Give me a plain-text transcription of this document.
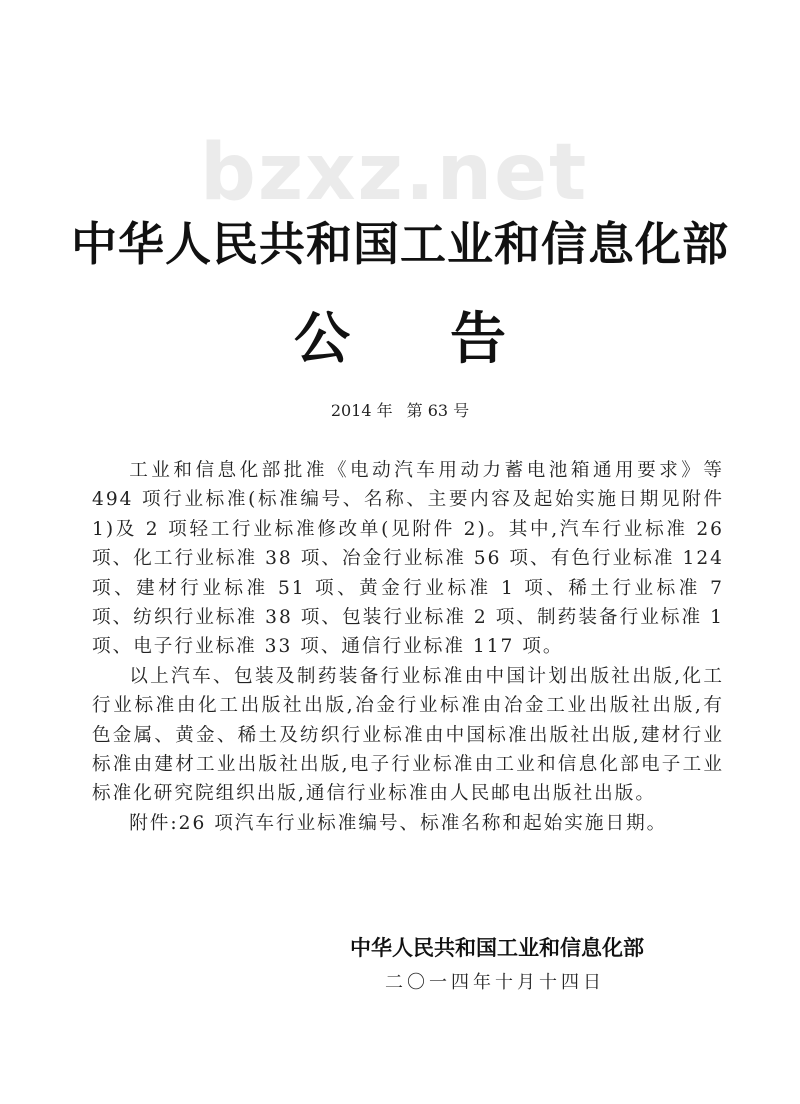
bzxz.net
中华人民共和国工业和信息化部
公 告
2014 年 第 63 号

工业和信息化部批准《电动汽车用动力蓄电池箱通用要求》等494 项行业标准(标准编号、名称、主要内容及起始实施日期见附件1)及 2 项轻工行业标准修改单(见附件 2)。其中,汽车行业标准 26 项、化工行业标准 38 项、冶金行业标准 56 项、有色行业标准 124 项、建材行业标准 51 项、黄金行业标准 1 项、稀土行业标准 7 项、纺织行业标准 38 项、包装行业标准 2 项、制药装备行业标准 1 项、电子行业标准 33 项、通信行业标准 117 项。

以上汽车、包装及制药装备行业标准由中国计划出版社出版,化工行业标准由化工出版社出版,冶金行业标准由冶金工业出版社出版,有色金属、黄金、稀土及纺织行业标准由中国标准出版社出版,建材行业标准由建材工业出版社出版,电子行业标准由工业和信息化部电子工业标准化研究院组织出版,通信行业标准由人民邮电出版社出版。

附件:26 项汽车行业标准编号、标准名称和起始实施日期。

中华人民共和国工业和信息化部
二〇一四年十月十四日
